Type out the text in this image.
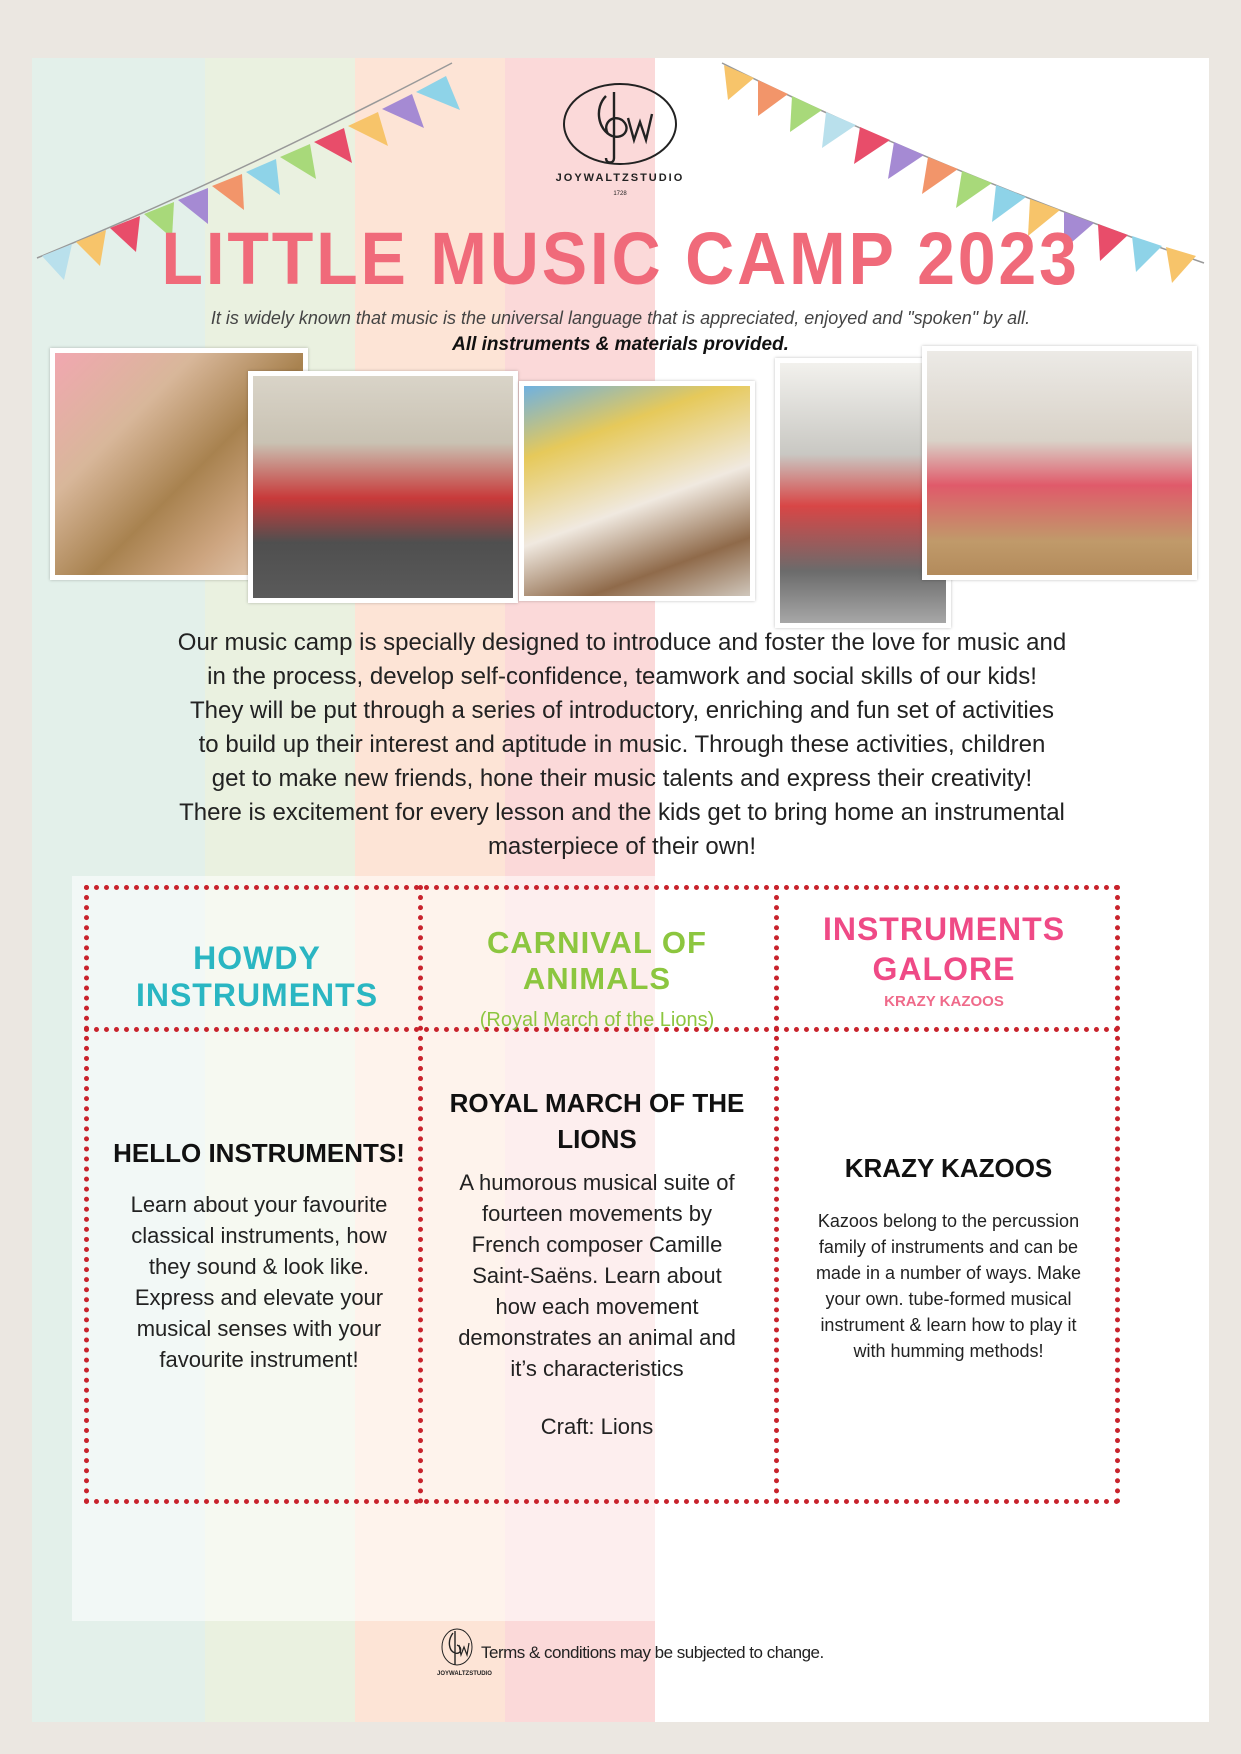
JOYWALTZSTUDIO
1728
LITTLE MUSIC CAMP 2023
It is widely known that music is the universal language that is appreciated, enjoyed and "spoken" by all.
All instruments & materials provided.
Our music camp is specially designed to introduce and foster the love for music and
in the process, develop self-confidence, teamwork and social skills of our kids!
They will be put through a series of introductory, enriching and fun set of activities
to build up their interest and aptitude in music. Through these activities, children
get to make new friends, hone their music talents and express their creativity!
There is excitement for every lesson and the kids get to bring home an instrumental
masterpiece of their own!
HOWDY INSTRUMENTS
CARNIVAL OF ANIMALS
(Royal March of the Lions)
INSTRUMENTS
GALORE
KRAZY KAZOOS
HELLO INSTRUMENTS!
Learn about your favourite
classical instruments, how
they sound & look like.
Express and elevate your
musical senses with your
favourite instrument!
ROYAL MARCH OF THE
LIONS
A humorous musical suite of
fourteen movements by
French composer Camille
Saint-Saëns. Learn about
how each movement
demonstrates an animal and
it’s characteristics
Craft: Lions
KRAZY KAZOOS
Kazoos belong to the percussion
family of instruments and can be
made in a number of ways. Make
your own. tube-formed musical
instrument & learn how to play it
with humming methods!
JOYWALTZSTUDIO
Terms & conditions may be subjected to change.
